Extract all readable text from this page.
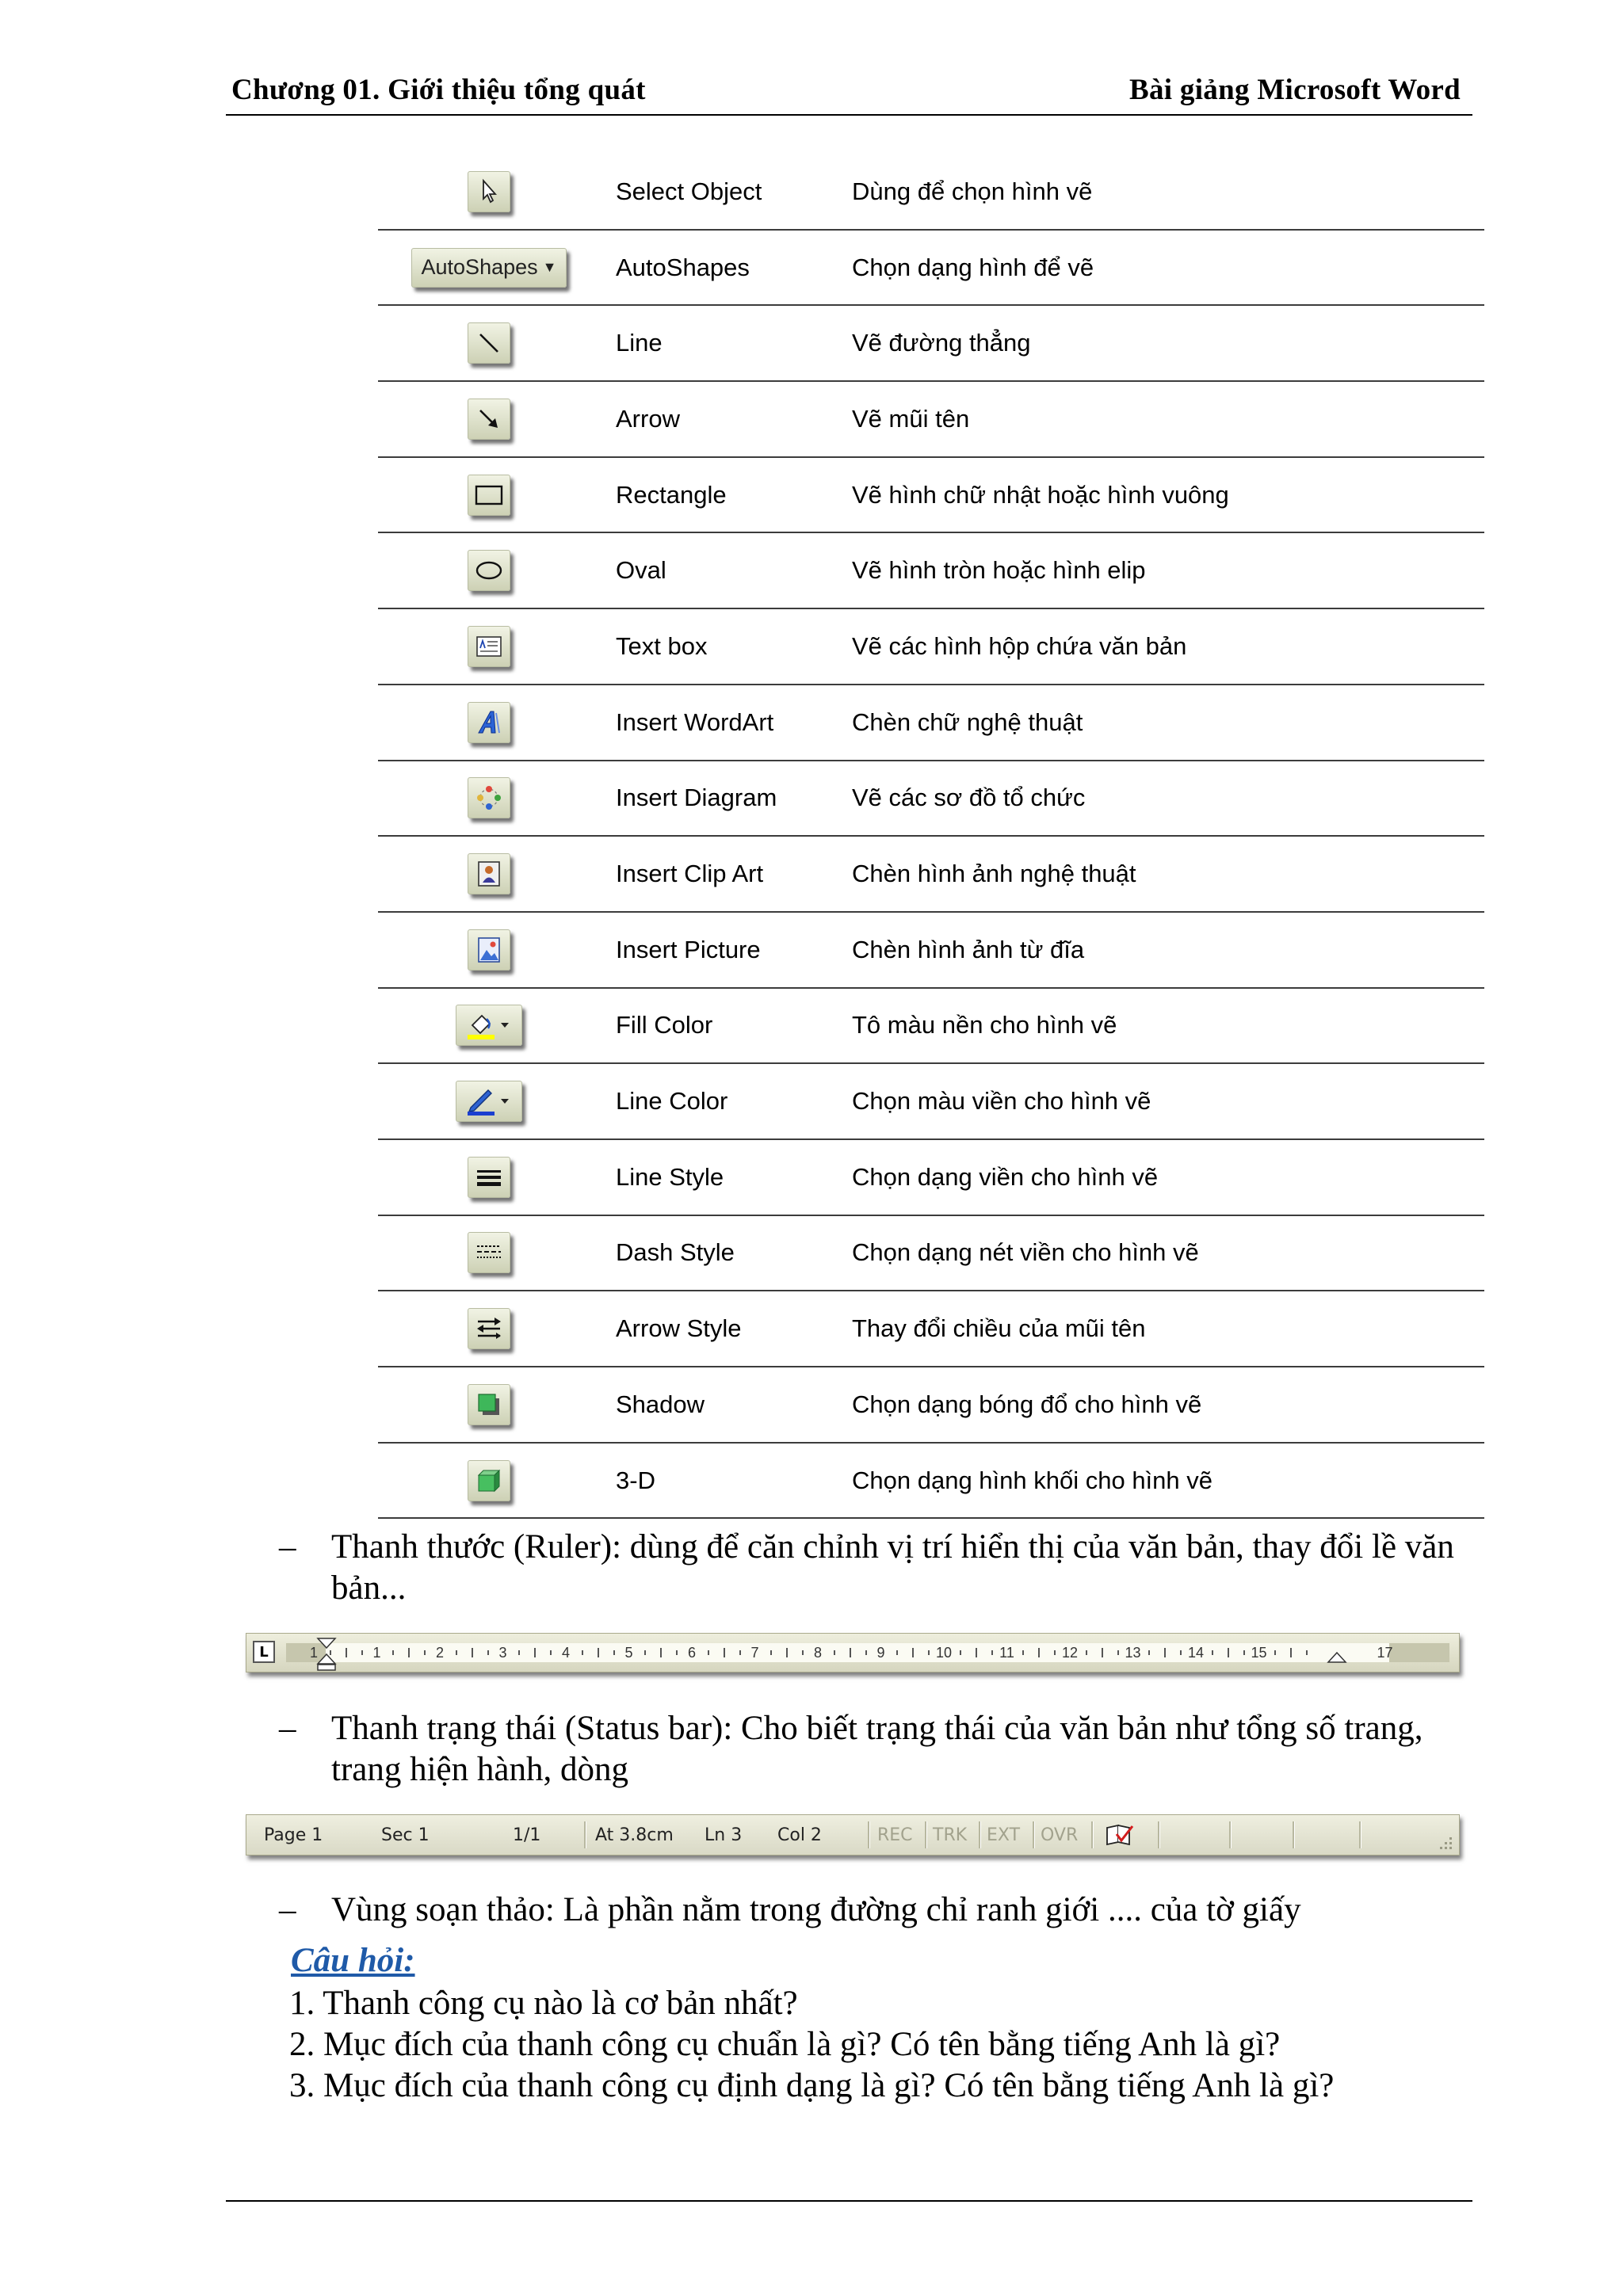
Chương 01. Giới thiệu tổng quát	Bài giảng Microsoft Word
Select Object	Dùng để chọn hình vẽ
AutoShapes ▼ AutoShapes	Chọn dạng hình để vẽ
Line	Vẽ đường thẳng
Arrow	Vẽ mũi tên
Rectangle	Vẽ hình chữ nhật hoặc hình vuông
Oval	Vẽ hình tròn hoặc hình elip
Text box	Vẽ các hình hộp chứa văn bản
Insert WordArt	Chèn chữ nghệ thuật
Insert Diagram	Vẽ các sơ đồ tổ chức
Insert Clip Art	Chèn hình ảnh nghệ thuật
Insert Picture	Chèn hình ảnh từ đĩa
Fill Color	Tô màu nền cho hình vẽ
Line Color	Chọn màu viền cho hình vẽ
Line Style	Chọn dạng viền cho hình vẽ
Dash Style	Chọn dạng nét viền cho hình vẽ
Arrow Style	Thay đổi chiều của mũi tên
Shadow	Chọn dạng bóng đổ cho hình vẽ
3-D	Chọn dạng hình khối cho hình vẽ
– Thanh thước (Ruler): dùng để căn chỉnh vị trí hiển thị của văn bản, thay đổi lề văn bản...
L	1	1	2	3	4	5	6	7	8	9	10	11	12	13	14	15	17
– Thanh trạng thái (Status bar): Cho biết trạng thái của văn bản như tổng số trang, trang hiện hành, dòng
Page 1	Sec 1	1/1	At 3.8cm Ln 3 Col 2	REC TRK EXT OVR
– Vùng soạn thảo: Là phần nằm trong đường chỉ ranh giới .... của tờ giấy
Câu hỏi:
1. Thanh công cụ nào là cơ bản nhất?
2. Mục đích của thanh công cụ chuẩn là gì? Có tên bằng tiếng Anh là gì?
3. Mục đích của thanh công cụ định dạng là gì? Có tên bằng tiếng Anh là gì?
